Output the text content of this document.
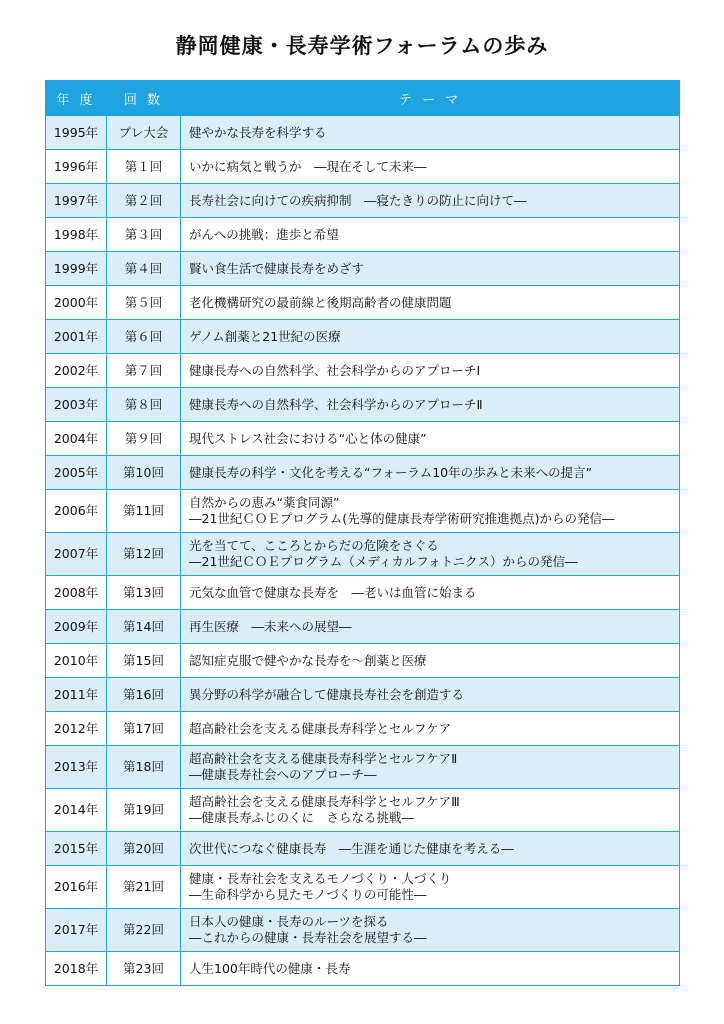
静岡健康・長寿学術フォーラムの歩み
年 度	回 数	テ ー マ
1995年	プレ大会	健やかな長寿を科学する

1996年	第１回	いかに病気と戦うか　―現在そして未来―

1997年	第２回	長寿社会に向けての疾病抑制　―寝たきりの防止に向けて―

1998年	第３回	がんへの挑戦：進歩と希望

1999年	第４回	賢い食生活で健康長寿をめざす

2000年	第５回	老化機構研究の最前線と後期高齢者の健康問題

2001年	第６回	ゲノム創薬と21世紀の医療

2002年	第７回	健康長寿への自然科学、社会科学からのアプローチⅠ

2003年	第８回	健康長寿への自然科学、社会科学からのアプローチⅡ

2004年	第９回	現代ストレス社会における“心と体の健康”

2005年	第10回	健康長寿の科学・文化を考える“フォーラム10年の歩みと未来への提言”

2006年	第11回	自然からの恵み“薬食同源”
―21世紀ＣＯＥプログラム(先導的健康長寿学術研究推進拠点)からの発信―

2007年	第12回	光を当てて、こころとからだの危険をさぐる
―21世紀ＣＯＥプログラム（メディカルフォトニクス）からの発信―

2008年	第13回	元気な血管で健康な長寿を　―老いは血管に始まる

2009年	第14回	再生医療　―未来への展望―

2010年	第15回	認知症克服で健やかな長寿を～創薬と医療

2011年	第16回	異分野の科学が融合して健康長寿社会を創造する

2012年	第17回	超高齢社会を支える健康長寿科学とセルフケア

2013年	第18回	超高齢社会を支える健康長寿科学とセルフケアⅡ
―健康長寿社会へのアプローチ―

2014年	第19回	超高齢社会を支える健康長寿科学とセルフケアⅢ
―健康長寿ふじのくに　さらなる挑戦―

2015年	第20回	次世代につなぐ健康長寿　―生涯を通じた健康を考える―

2016年	第21回	健康・長寿社会を支えるモノづくり・人づくり
―生命科学から見たモノづくりの可能性―

2017年	第22回	日本人の健康・長寿のルーツを探る
―これからの健康・長寿社会を展望する―

2018年	第23回	人生100年時代の健康・長寿
